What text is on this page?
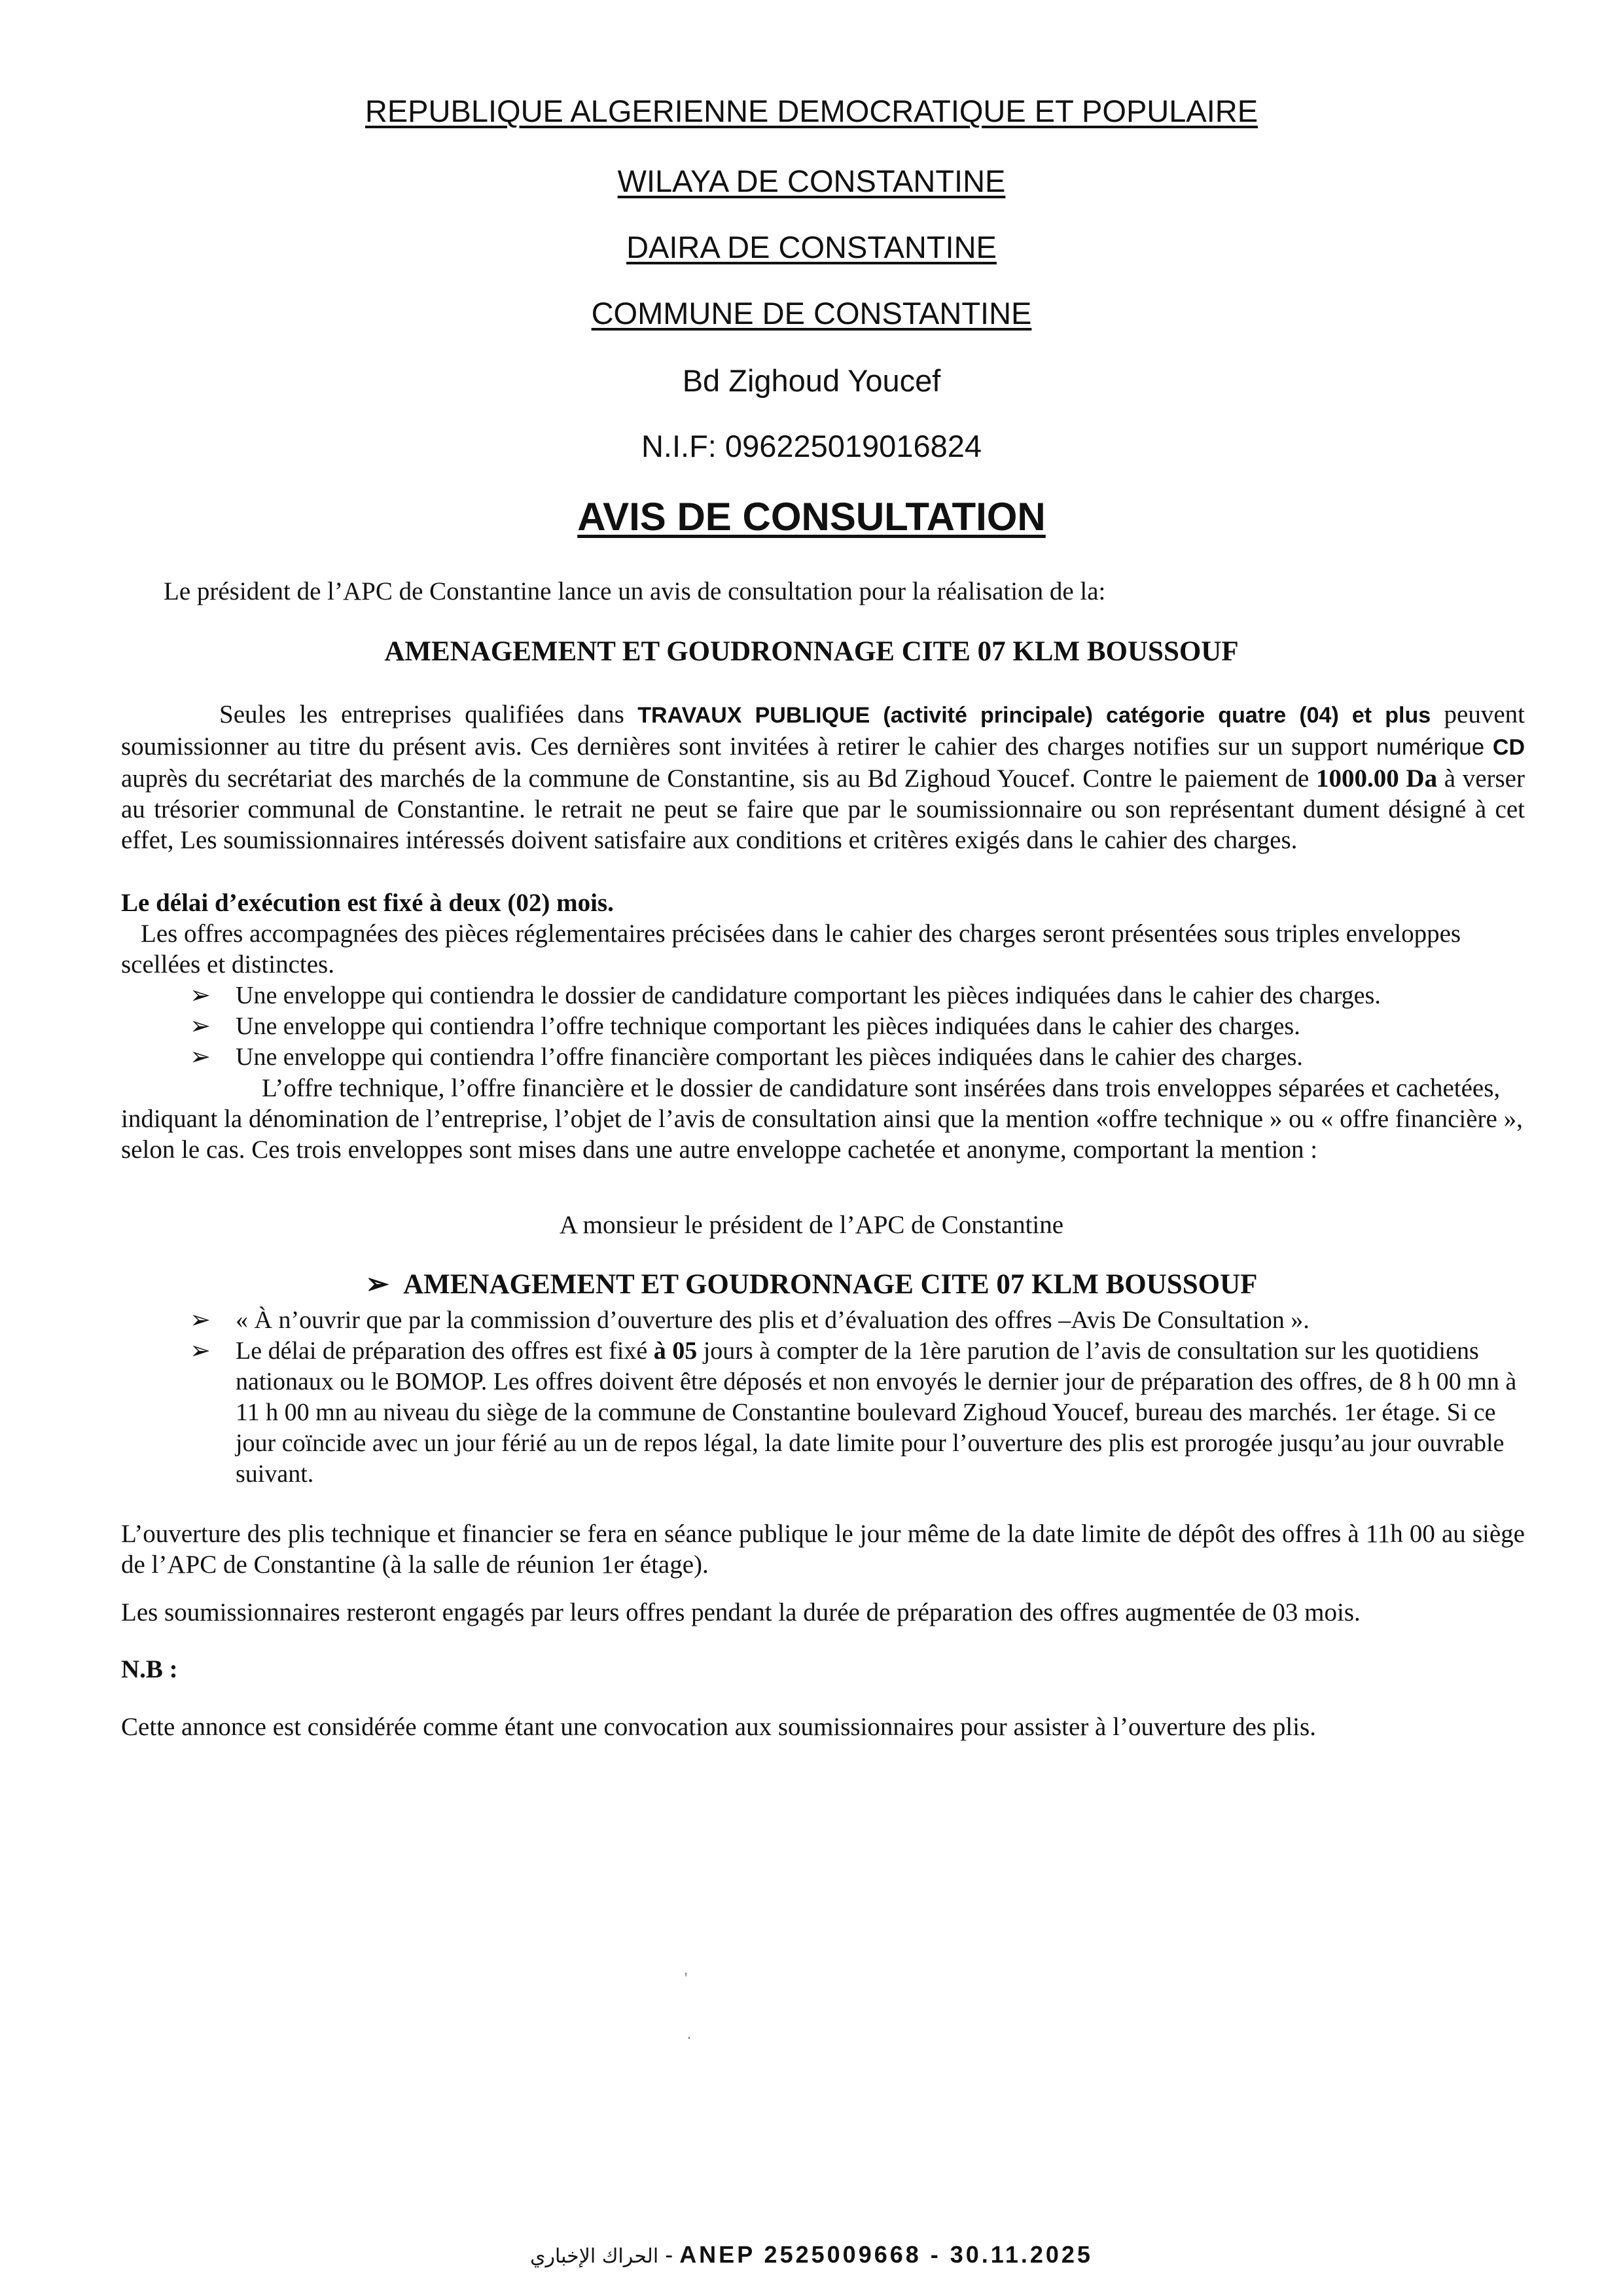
REPUBLIQUE ALGERIENNE DEMOCRATIQUE ET POPULAIRE
WILAYA DE CONSTANTINE
DAIRA DE CONSTANTINE
COMMUNE DE CONSTANTINE
Bd Zighoud Youcef
N.I.F: 096225019016824
AVIS DE CONSULTATION

Le président de l’APC de Constantine lance un avis de consultation pour la réalisation de la:

AMENAGEMENT ET GOUDRONNAGE CITE 07 KLM BOUSSOUF

Seules les entreprises qualifiées dans TRAVAUX PUBLIQUE (activité principale) catégorie quatre (04) et plus peuvent soumissionner au titre du présent avis. Ces dernières sont invitées à retirer le cahier des charges notifies sur un support numérique CD auprès du secrétariat des marchés de la commune de Constantine, sis au Bd Zighoud Youcef. Contre le paiement de 1000.00 Da à verser au trésorier communal de Constantine. le retrait ne peut se faire que par le soumissionnaire ou son représentant dument désigné à cet effet, Les soumissionnaires intéressés doivent satisfaire aux conditions et critères exigés dans le cahier des charges.

Le délai d’exécution est fixé à deux (02) mois.

Les offres accompagnées des pièces réglementaires précisées dans le cahier des charges seront présentées sous triples enveloppes scellées et distinctes.

➢ Une enveloppe qui contiendra le dossier de candidature comportant les pièces indiquées dans le cahier des charges.
➢ Une enveloppe qui contiendra l’offre technique comportant les pièces indiquées dans le cahier des charges.
➢ Une enveloppe qui contiendra l’offre financière comportant les pièces indiquées dans le cahier des charges.

L’offre technique, l’offre financière et le dossier de candidature sont insérées dans trois enveloppes séparées et cachetées, indiquant la dénomination de l’entreprise, l’objet de l’avis de consultation ainsi que la mention «offre technique » ou « offre financière », selon le cas. Ces trois enveloppes sont mises dans une autre enveloppe cachetée et anonyme, comportant la mention :

A monsieur le président de l’APC de Constantine

➢  AMENAGEMENT ET GOUDRONNAGE CITE 07 KLM BOUSSOUF
➢ « À n’ouvrir que par la commission d’ouverture des plis et d’évaluation des offres –Avis De Consultation ».
➢	Le délai de préparation des offres est fixé à 05 jours à compter de la 1ère parution de l’avis de consultation sur les quotidiens nationaux ou le BOMOP. Les offres doivent être déposés et non envoyés le dernier jour de préparation des offres, de 8 h 00 mn à 11 h 00 mn au niveau du siège de la commune de Constantine boulevard Zighoud Youcef, bureau des marchés. 1er étage. Si ce jour coïncide avec un jour férié au un de repos légal, la date limite pour l’ouverture des plis est prorogée jusqu’au jour ouvrable suivant.

L’ouverture des plis technique et financier se fera en séance publique le jour même de la date limite de dépôt des offres à 11h 00 au siège de l’APC de Constantine (à la salle de réunion 1er étage).

Les soumissionnaires resteront engagés par leurs offres pendant la durée de préparation des offres augmentée de 03 mois.

N.B :

Cette annonce est considérée comme étant une convocation aux soumissionnaires pour assister à l’ouverture des plis.

'
.
الحراك الإخباري - ANEP 2525009668 - 30.11.2025
